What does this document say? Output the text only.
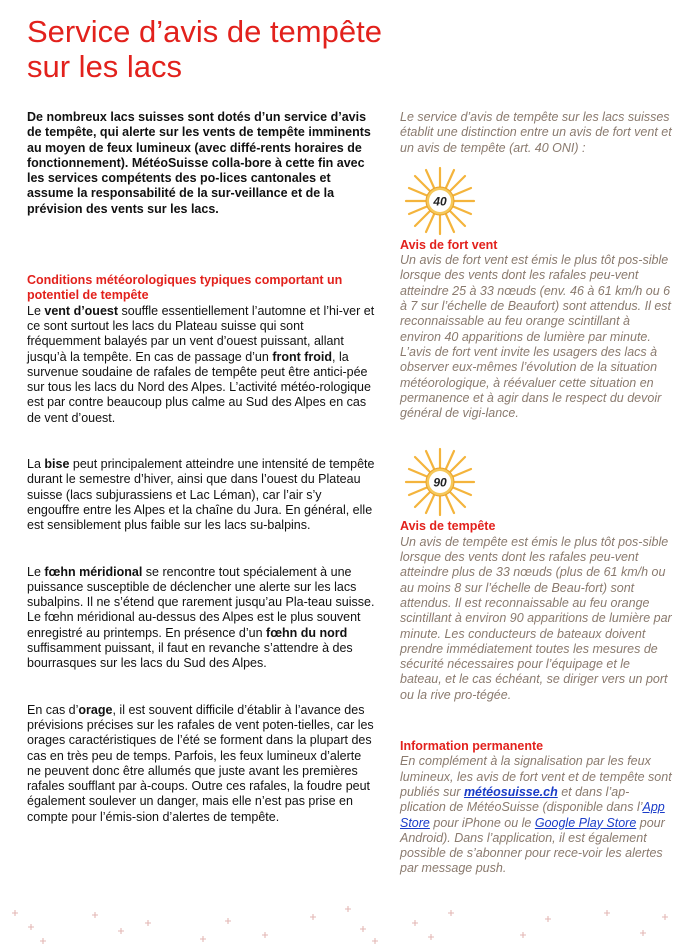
Service d’avis de tempête sur les lacs

De nombreux lacs suisses sont dotés d’un service d’avis de tempête, qui alerte sur les vents de tempête imminents au moyen de feux lumineux (avec diffé-rents horaires de fonctionnement). MétéoSuisse colla-bore à cette fin avec les services compétents des po-lices cantonales et assume la responsabilité de la sur-veillance et de la prévision des vents sur les lacs.

Conditions météorologiques typiques comportant un potentiel de tempête

Le vent d’ouest souffle essentiellement l’automne et l’hi-ver et ce sont surtout les lacs du Plateau suisse qui sont fréquemment balayés par un vent d’ouest puissant, allant jusqu’à la tempête. En cas de passage d’un front froid, la survenue soudaine de rafales de tempête peut être antici-pée sur tous les lacs du Nord des Alpes. L’activité météo-rologique est par contre beaucoup plus calme au Sud des Alpes en cas de vent d’ouest.

La bise peut principalement atteindre une intensité de tempête durant le semestre d’hiver, ainsi que dans l’ouest du Plateau suisse (lacs subjurassiens et Lac Léman), car l’air s’y engouffre entre les Alpes et la chaîne du Jura. En général, elle est sensiblement plus faible sur les lacs su-balpins.

Le fœhn méridional se rencontre tout spécialement à une puissance susceptible de déclencher une alerte sur les lacs subalpins. Il ne s’étend que rarement jusqu’au Pla-teau suisse. Le fœhn méridional au-dessus des Alpes est le plus souvent enregistré au printemps. En présence d’un fœhn du nord suffisamment puissant, il faut en revanche s’attendre à des bourrasques sur les lacs du Sud des Alpes.

En cas d’orage, il est souvent difficile d’établir à l’avance des prévisions précises sur les rafales de vent poten-tielles, car les orages caractéristiques de l’été se forment dans la plupart des cas en très peu de temps. Parfois, les feux lumineux d’alerte ne peuvent donc être allumés que juste avant les premières rafales soufflant par à-coups. Outre ces rafales, la foudre peut également soulever un danger, mais elle n’est pas prise en compte pour l’émis-sion d’alertes de tempête.

Le service d’avis de tempête sur les lacs suisses établit une distinction entre un avis de fort vent et un avis de tempête (art. 40 ONI) :

40

Avis de fort vent

Un avis de fort vent est émis le plus tôt pos-sible lorsque des vents dont les rafales peu-vent atteindre 25 à 33 nœuds (env. 46 à 61 km/h ou 6 à 7 sur l’échelle de Beaufort) sont attendus. Il est reconnaissable au feu orange scintillant à environ 40 apparitions de lumière par minute. L’avis de fort vent invite les usagers des lacs à observer eux-mêmes l’évolution de la situation météorologique, à réévaluer cette situation en permanence et à agir dans le respect du devoir général de vigi-lance.

90

Avis de tempête

Un avis de tempête est émis le plus tôt pos-sible lorsque des vents dont les rafales peu-vent atteindre plus de 33 nœuds (plus de 61 km/h ou au moins 8 sur l’échelle de Beau-fort) sont attendus. Il est reconnaissable au feu orange scintillant à environ 90 apparitions de lumière par minute. Les conducteurs de bateaux doivent prendre immédiatement toutes les mesures de sécurité nécessaires pour l’équipage et le bateau, et le cas échéant, se diriger vers un port ou la rive pro-tégée.

Information permanente

En complément à la signalisation par les feux lumineux, les avis de fort vent et de tempête sont publiés sur météosuisse.ch et dans l’ap-plication de MétéoSuisse (disponible dans l’App Store pour iPhone ou le Google Play Store pour Android). Dans l’application, il est également possible de s’abonner pour rece-voir les alertes par message push.
